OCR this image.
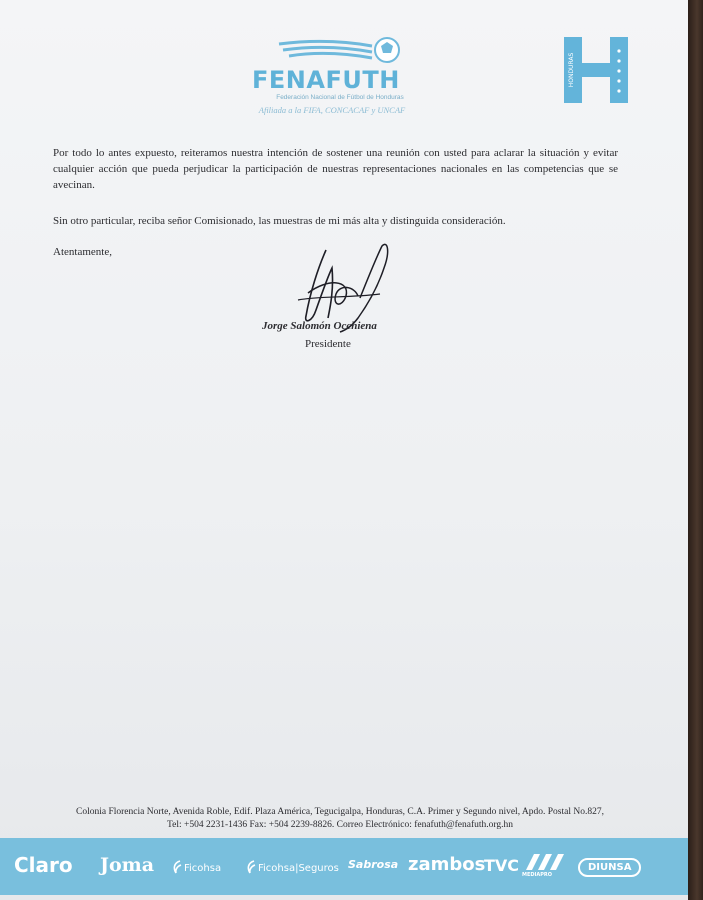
FENAFUTH
Federación Nacional de Fútbol de Honduras
Afiliada a la FIFA, CONCACAF y UNCAF
HONDURAS

Por todo lo antes expuesto, reiteramos nuestra intención de sostener una reunión con usted para aclarar la situación y evitar cualquier acción que pueda perjudicar la participación de nuestras representaciones nacionales en las competencias que se avecinan.

Sin otro particular, reciba señor Comisionado, las muestras de mi más alta y distinguida consideración.

Atentamente,

Jorge Salomón Occhiena
Presidente
Colonia Florencia Norte, Avenida Roble, Edif. Plaza América, Tegucigalpa, Honduras, C.A. Primer y Segundo nivel, Apdo. Postal No.827,
Tel: +504 2231-1436 Fax: +504 2239-8826. Correo Electrónico: fenafuth@fenafuth.org.hn
Claro Joma	Ficohsa	Ficohsa|Seguros Sabrosa zambos
TVC MEDIAPRO
DIUNSA
